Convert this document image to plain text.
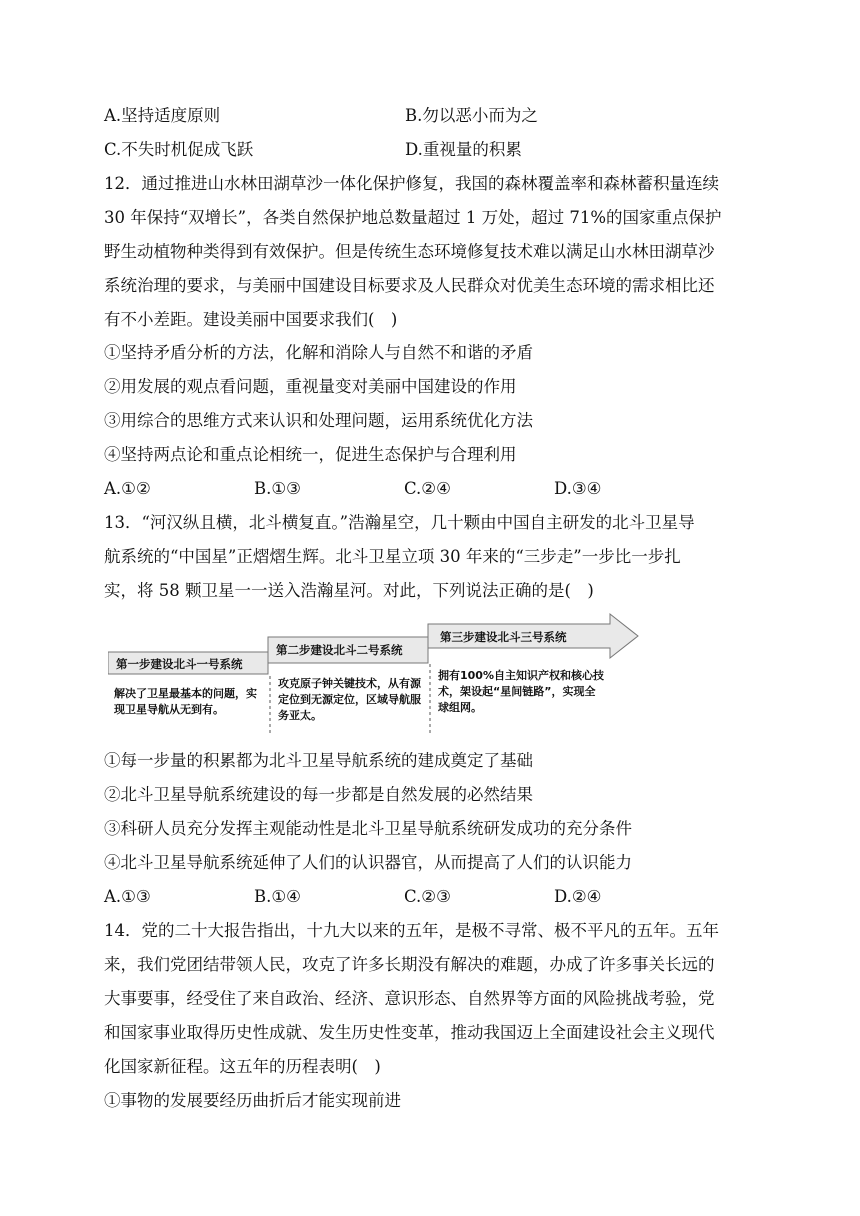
A.坚持适度原则	B.勿以恶小而为之
C.不失时机促成飞跃	D.重视量的积累
12．通过推进山水林田湖草沙一体化保护修复，我国的森林覆盖率和森林蓄积量连续
30 年保持“双增长”，各类自然保护地总数量超过 1 万处，超过 71%的国家重点保护
野生动植物种类得到有效保护。但是传统生态环境修复技术难以满足山水林田湖草沙
系统治理的要求，与美丽中国建设目标要求及人民群众对优美生态环境的需求相比还
有不小差距。建设美丽中国要求我们(　)
①坚持矛盾分析的方法，化解和消除人与自然不和谐的矛盾
②用发展的观点看问题，重视量变对美丽中国建设的作用
③用综合的思维方式来认识和处理问题，运用系统优化方法
④坚持两点论和重点论相统一，促进生态保护与合理利用
A.①②	B.①③	C.②④	D.③④
13．“河汉纵且横，北斗横复直。”浩瀚星空，几十颗由中国自主研发的北斗卫星导
航系统的“中国星”正熠熠生辉。北斗卫星立项 30 年来的“三步走”一步比一步扎
实，将 58 颗卫星一一送入浩瀚星河。对此，下列说法正确的是(　)
第一步建设北斗一号系统
第二步建设北斗二号系统
第三步建设北斗三号系统
解决了卫星最基本的问题，实现卫星导航从无到有。
攻克原子钟关键技术，从有源定位到无源定位，区域导航服务亚太。
拥有100%自主知识产权和核心技术，架设起“星间链路”，实现全球组网。
①每一步量的积累都为北斗卫星导航系统的建成奠定了基础
②北斗卫星导航系统建设的每一步都是自然发展的必然结果
③科研人员充分发挥主观能动性是北斗卫星导航系统研发成功的充分条件
④北斗卫星导航系统延伸了人们的认识器官，从而提高了人们的认识能力
A.①③	B.①④	C.②③	D.②④
14．党的二十大报告指出，十九大以来的五年，是极不寻常、极不平凡的五年。五年
来，我们党团结带领人民，攻克了许多长期没有解决的难题，办成了许多事关长远的
大事要事，经受住了来自政治、经济、意识形态、自然界等方面的风险挑战考验，党
和国家事业取得历史性成就、发生历史性变革，推动我国迈上全面建设社会主义现代
化国家新征程。这五年的历程表明(　)
①事物的发展要经历曲折后才能实现前进
